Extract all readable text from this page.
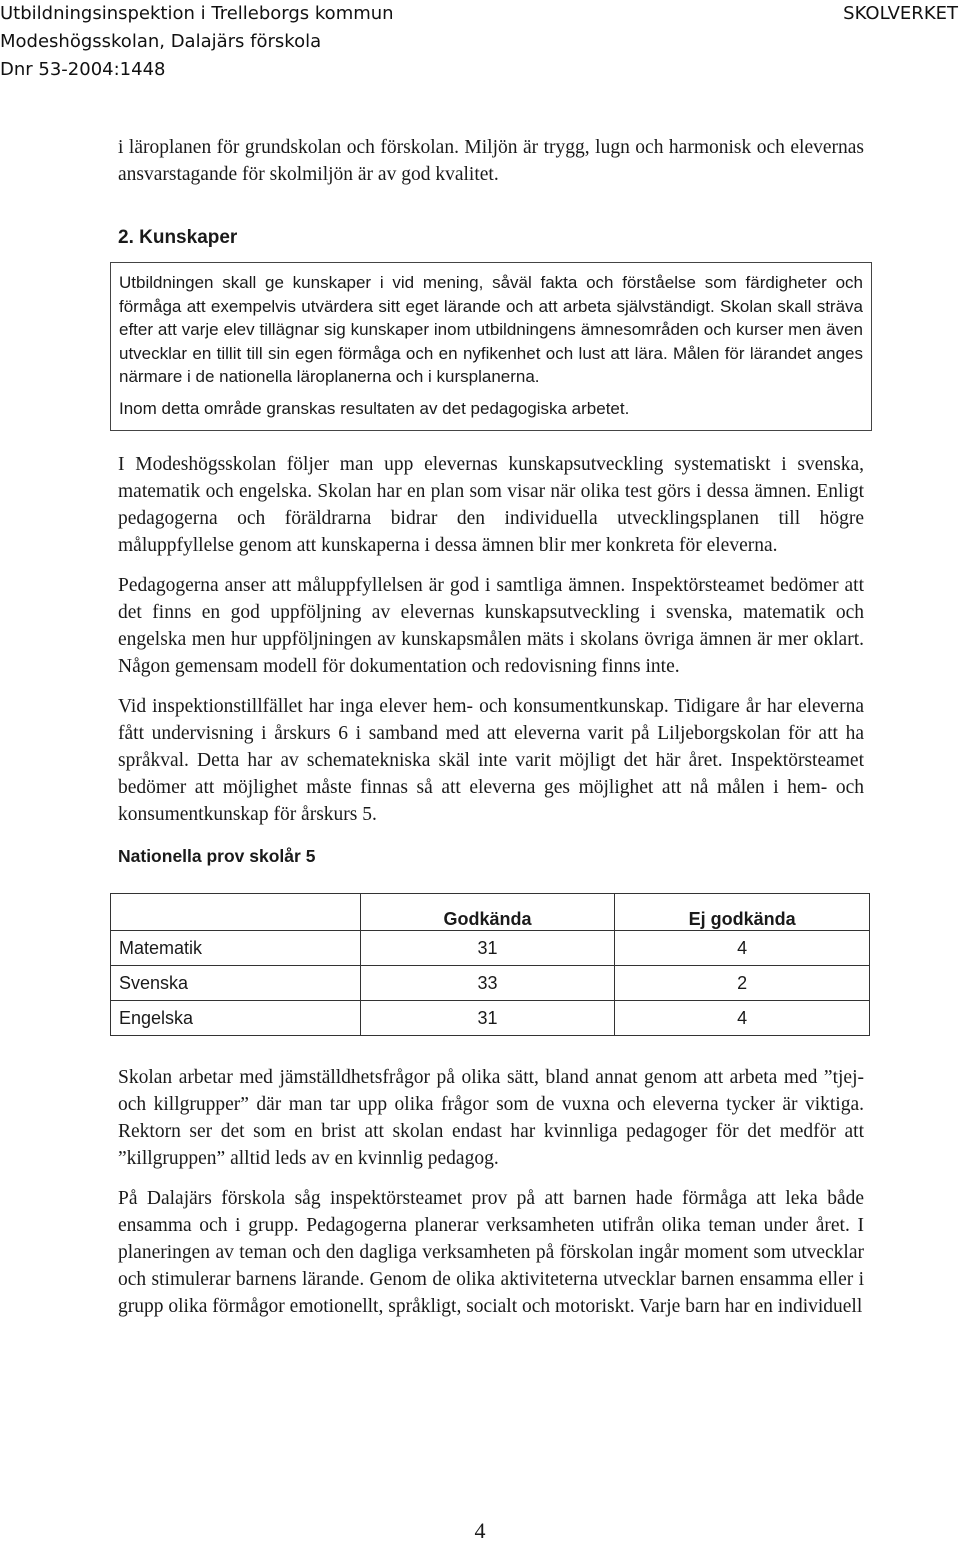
Utbildningsinspektion i Trelleborgs kommun
Modeshögsskolan, Dalajärs förskola
Dnr 53-2004:1448
SKOLVERKET

i läroplanen för grundskolan och förskolan. Miljön är trygg, lugn och harmonisk och elevernas ansvarstagande för skolmiljön är av god kvalitet.

2. Kunskaper

Utbildningen skall ge kunskaper i vid mening, såväl fakta och förståelse som färdigheter och förmåga att exempelvis utvärdera sitt eget lärande och att arbeta självständigt. Skolan skall sträva efter att varje elev tillägnar sig kunskaper inom utbildningens ämnesområden och kurser men även utvecklar en tillit till sin egen förmåga och en nyfikenhet och lust att lära. Målen för lärandet anges närmare i de nationella läroplanerna och i kursplanerna.

Inom detta område granskas resultaten av det pedagogiska arbetet.

I Modeshögsskolan följer man upp elevernas kunskapsutveckling systematiskt i svenska, matematik och engelska. Skolan har en plan som visar när olika test görs i dessa ämnen. Enligt pedagogerna och föräldrarna bidrar den individuella utvecklingsplanen till högre måluppfyllelse genom att kunskaperna i dessa ämnen blir mer konkreta för eleverna.

Pedagogerna anser att måluppfyllelsen är god i samtliga ämnen. Inspektörsteamet bedömer att det finns en god uppföljning av elevernas kunskapsutveckling i svenska, matematik och engelska men hur uppföljningen av kunskapsmålen mäts i skolans övriga ämnen är mer oklart. Någon gemensam modell för dokumentation och redovisning finns inte.

Vid inspektionstillfället har inga elever hem- och konsumentkunskap. Tidigare år har eleverna fått undervisning i årskurs 6 i samband med att eleverna varit på Liljeborgskolan för att ha språkval. Detta har av schematekniska skäl inte varit möjligt det här året. Inspektörsteamet bedömer att möjlighet måste finnas så att eleverna ges möjlighet att nå målen i hem- och konsumentkunskap för årskurs 5.

Nationella prov skolår 5
	Godkända	Ej godkända
Matematik	31	4
Svenska	33	2
Engelska	31	4

Skolan arbetar med jämställdhetsfrågor på olika sätt, bland annat genom att arbeta med ”tjej- och killgrupper” där man tar upp olika frågor som de vuxna och eleverna tycker är viktiga. Rektorn ser det som en brist att skolan endast har kvinnliga pedagoger för det medför att ”killgruppen” alltid leds av en kvinnlig pedagog.

På Dalajärs förskola såg inspektörsteamet prov på att barnen hade förmåga att leka både ensamma och i grupp. Pedagogerna planerar verksamheten utifrån olika teman under året. I planeringen av teman och den dagliga verksamheten på förskolan ingår moment som utvecklar och stimulerar barnens lärande. Genom de olika aktiviteterna utvecklar barnen ensamma eller i grupp olika förmågor emotionellt, språkligt, socialt och motoriskt. Varje barn har en individuell

4
